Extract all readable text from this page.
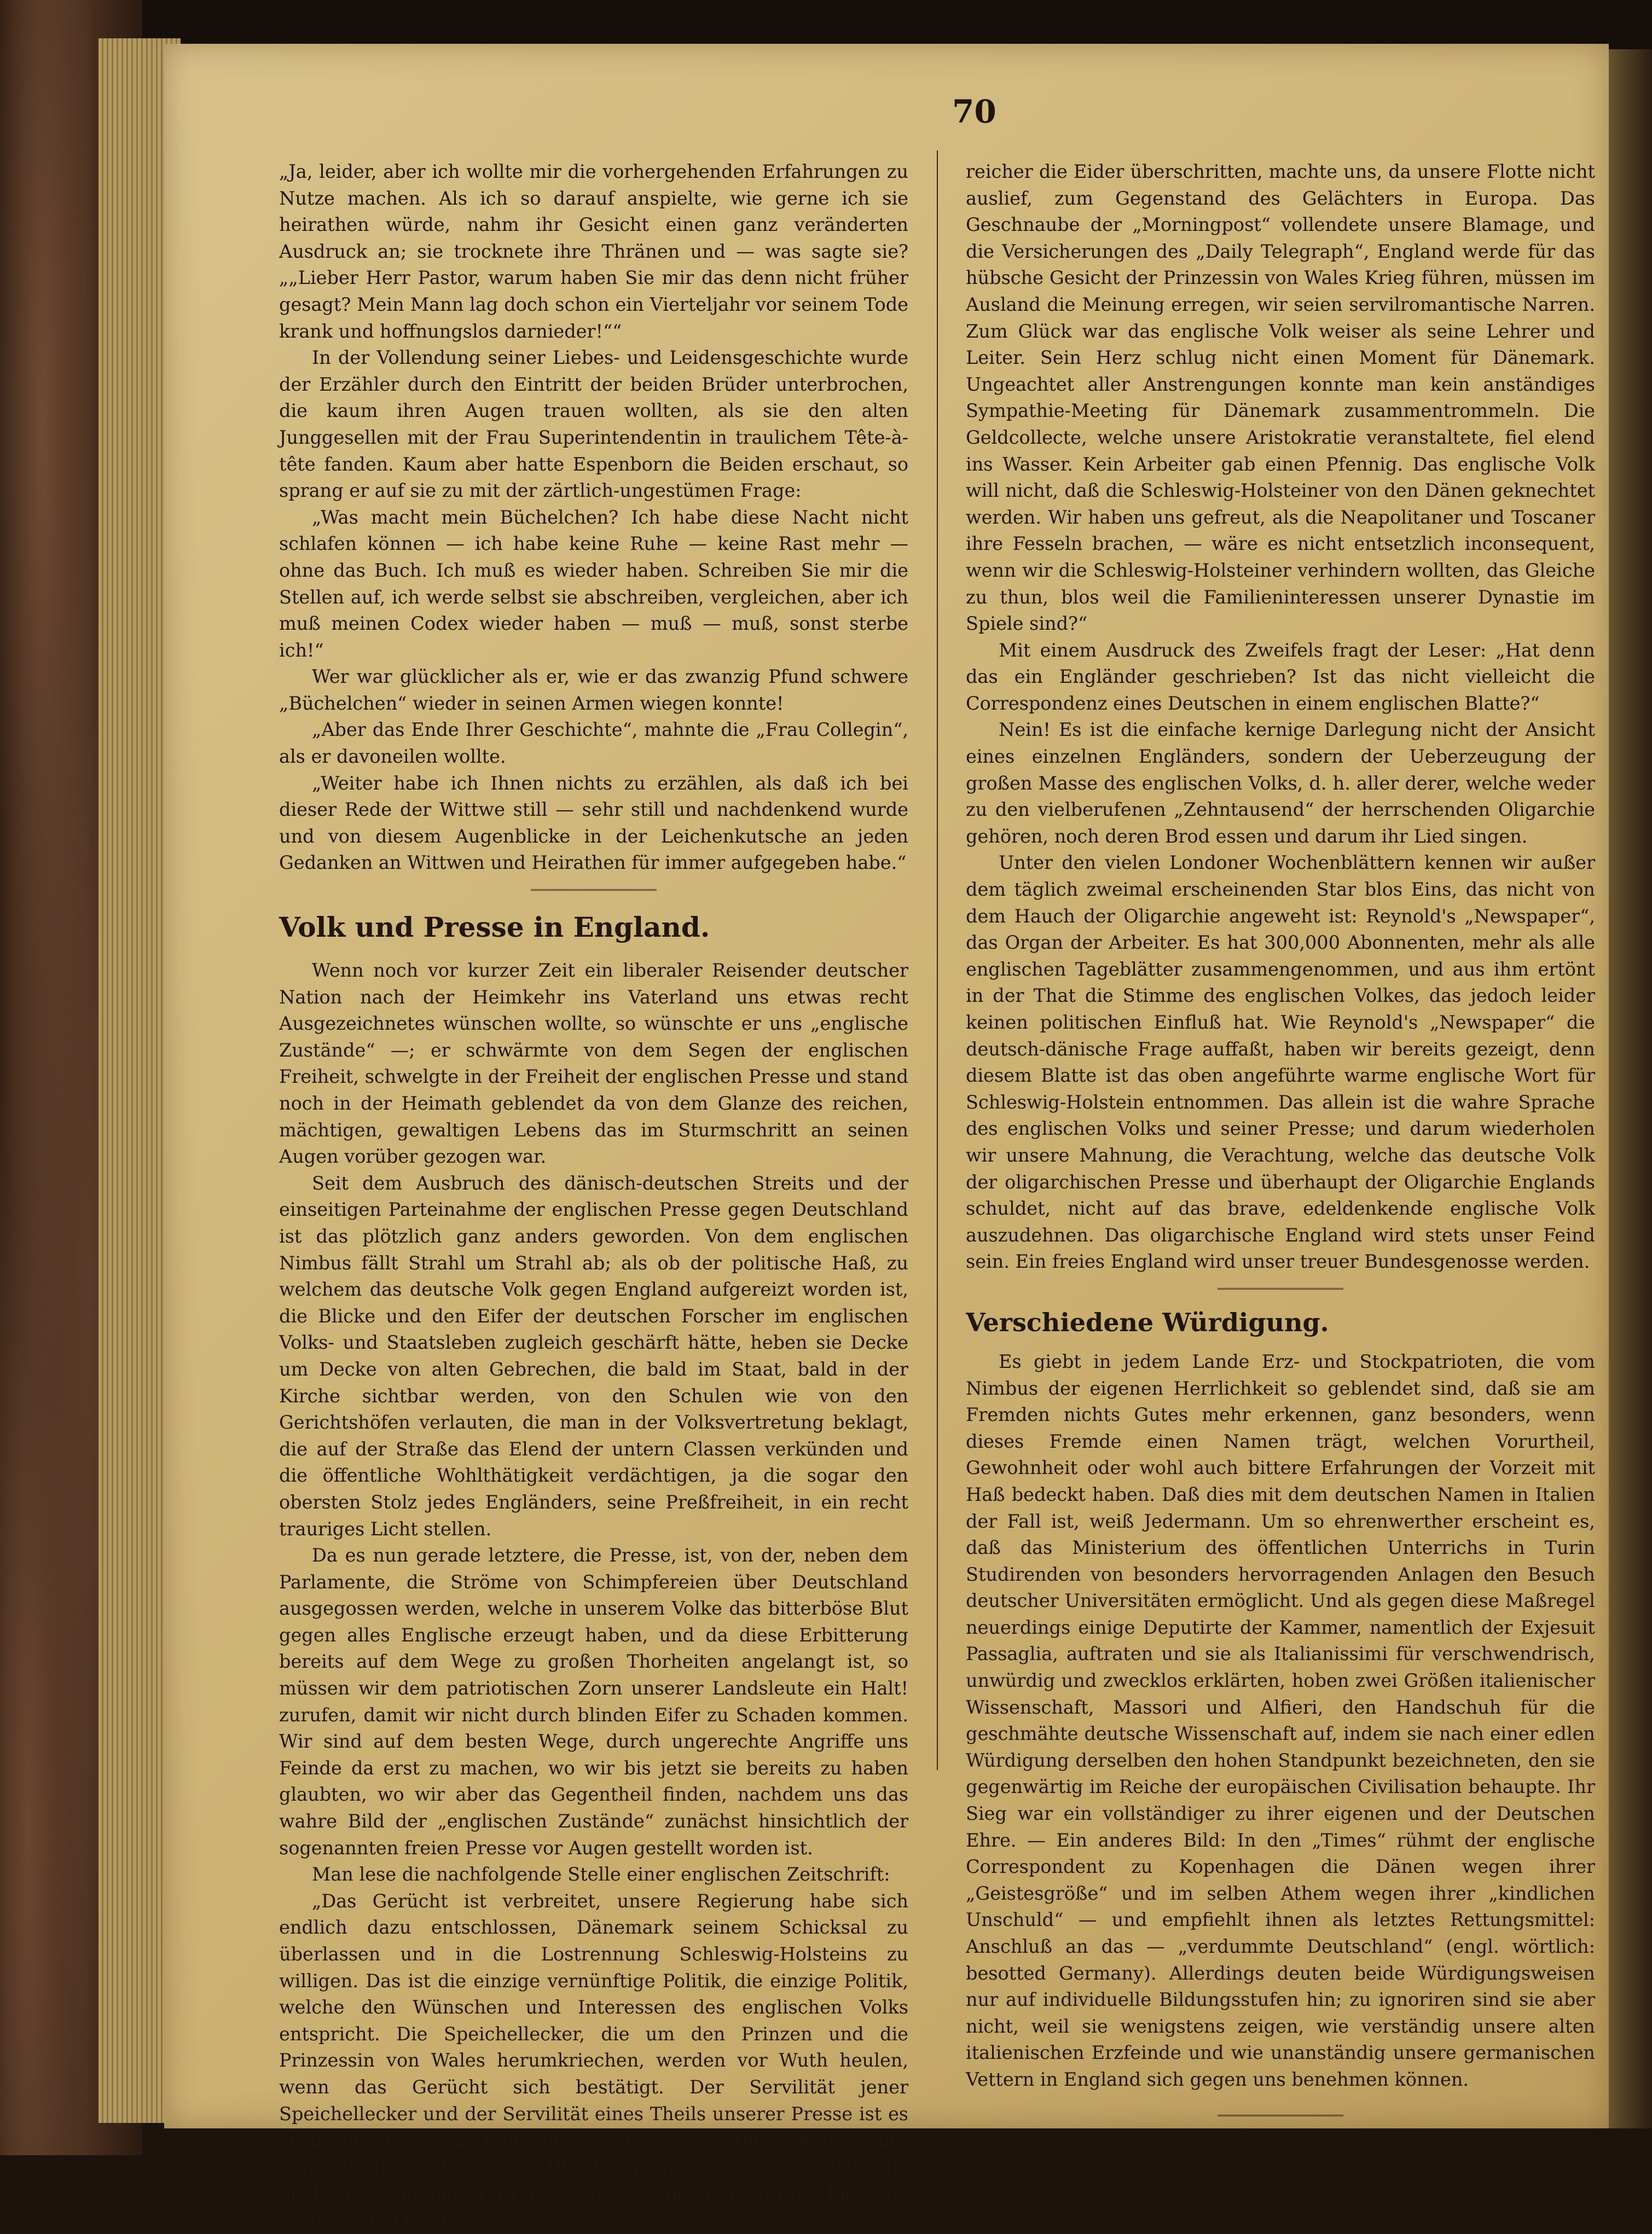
70

„Ja, leider, aber ich wollte mir die vorhergehenden Erfahrungen zu Nutze machen. Als ich so darauf anspielte, wie gerne ich sie heirathen würde, nahm ihr Gesicht einen ganz veränderten Ausdruck an; sie trocknete ihre Thränen und — was sagte sie? „„Lieber Herr Pastor, warum haben Sie mir das denn nicht früher gesagt? Mein Mann lag doch schon ein Vierteljahr vor seinem Tode krank und hoffnungslos darnieder!““

In der Vollendung seiner Liebes- und Leidensgeschichte wurde der Erzähler durch den Eintritt der beiden Brüder unterbrochen, die kaum ihren Augen trauen wollten, als sie den alten Junggesellen mit der Frau Superintendentin in traulichem Tête-à-tête fanden. Kaum aber hatte Espenborn die Beiden erschaut, so sprang er auf sie zu mit der zärtlich-ungestümen Frage:

„Was macht mein Büchelchen? Ich habe diese Nacht nicht schlafen können — ich habe keine Ruhe — keine Rast mehr — ohne das Buch. Ich muß es wieder haben. Schreiben Sie mir die Stellen auf, ich werde selbst sie abschreiben, vergleichen, aber ich muß meinen Codex wieder haben — muß — muß, sonst sterbe ich!“

Wer war glücklicher als er, wie er das zwanzig Pfund schwere „Büchelchen“ wieder in seinen Armen wiegen konnte!

„Aber das Ende Ihrer Geschichte“, mahnte die „Frau Collegin“, als er davoneilen wollte.

„Weiter habe ich Ihnen nichts zu erzählen, als daß ich bei dieser Rede der Wittwe still — sehr still und nachdenkend wurde und von diesem Augenblicke in der Leichenkutsche an jeden Gedanken an Wittwen und Heirathen für immer aufgegeben habe.“

Volk und Presse in England.

Wenn noch vor kurzer Zeit ein liberaler Reisender deutscher Nation nach der Heimkehr ins Vaterland uns etwas recht Ausgezeichnetes wünschen wollte, so wünschte er uns „englische Zustände“ —; er schwärmte von dem Segen der englischen Freiheit, schwelgte in der Freiheit der englischen Presse und stand noch in der Heimath geblendet da von dem Glanze des reichen, mächtigen, gewaltigen Lebens das im Sturmschritt an seinen Augen vorüber gezogen war.

Seit dem Ausbruch des dänisch-deutschen Streits und der einseitigen Parteinahme der englischen Presse gegen Deutschland ist das plötzlich ganz anders geworden. Von dem englischen Nimbus fällt Strahl um Strahl ab; als ob der politische Haß, zu welchem das deutsche Volk gegen England aufgereizt worden ist, die Blicke und den Eifer der deutschen Forscher im englischen Volks- und Staatsleben zugleich geschärft hätte, heben sie Decke um Decke von alten Gebrechen, die bald im Staat, bald in der Kirche sichtbar werden, von den Schulen wie von den Gerichtshöfen verlauten, die man in der Volksvertretung beklagt, die auf der Straße das Elend der untern Classen verkünden und die öffentliche Wohlthätigkeit verdächtigen, ja die sogar den obersten Stolz jedes Engländers, seine Preßfreiheit, in ein recht trauriges Licht stellen.

Da es nun gerade letztere, die Presse, ist, von der, neben dem Parlamente, die Ströme von Schimpfereien über Deutschland ausgegossen werden, welche in unserem Volke das bitterböse Blut gegen alles Englische erzeugt haben, und da diese Erbitterung bereits auf dem Wege zu großen Thorheiten angelangt ist, so müssen wir dem patriotischen Zorn unserer Landsleute ein Halt! zurufen, damit wir nicht durch blinden Eifer zu Schaden kommen. Wir sind auf dem besten Wege, durch ungerechte Angriffe uns Feinde da erst zu machen, wo wir bis jetzt sie bereits zu haben glaubten, wo wir aber das Gegentheil finden, nachdem uns das wahre Bild der „englischen Zustände“ zunächst hinsichtlich der sogenannten freien Presse vor Augen gestellt worden ist.

Man lese die nachfolgende Stelle einer englischen Zeitschrift:

„Das Gerücht ist verbreitet, unsere Regierung habe sich endlich dazu entschlossen, Dänemark seinem Schicksal zu überlassen und in die Lostrennung Schleswig-Holsteins zu willigen. Das ist die einzige vernünftige Politik, die einzige Politik, welche den Wünschen und Interessen des englischen Volks entspricht. Die Speichellecker, die um den Prinzen und die Prinzessin von Wales herumkriechen, werden vor Wuth heulen, wenn das Gerücht sich bestätigt. Der Servilität jener Speichellecker und der Servilität eines Theils unserer Presse ist es zuzuschreiben, daß England sich in dieser Angelegenheit mit Schande bedeckt hat. — Die Drohung der „Times“, daß die englische Canalflotte in die Ostsee einlaufen würde, falls die Preußen und Oester-

reicher die Eider überschritten, machte uns, da unsere Flotte nicht auslief, zum Gegenstand des Gelächters in Europa. Das Geschnaube der „Morningpost“ vollendete unsere Blamage, und die Versicherungen des „Daily Telegraph“, England werde für das hübsche Gesicht der Prinzessin von Wales Krieg führen, müssen im Ausland die Meinung erregen, wir seien servilromantische Narren. Zum Glück war das englische Volk weiser als seine Lehrer und Leiter. Sein Herz schlug nicht einen Moment für Dänemark. Ungeachtet aller Anstrengungen konnte man kein anständiges Sympathie-Meeting für Dänemark zusammentrommeln. Die Geldcollecte, welche unsere Aristokratie veranstaltete, fiel elend ins Wasser. Kein Arbeiter gab einen Pfennig. Das englische Volk will nicht, daß die Schleswig-Holsteiner von den Dänen geknechtet werden. Wir haben uns gefreut, als die Neapolitaner und Toscaner ihre Fesseln brachen, — wäre es nicht entsetzlich inconsequent, wenn wir die Schleswig-Holsteiner verhindern wollten, das Gleiche zu thun, blos weil die Familieninteressen unserer Dynastie im Spiele sind?“

Mit einem Ausdruck des Zweifels fragt der Leser: „Hat denn das ein Engländer geschrieben? Ist das nicht vielleicht die Correspondenz eines Deutschen in einem englischen Blatte?“

Nein! Es ist die einfache kernige Darlegung nicht der Ansicht eines einzelnen Engländers, sondern der Ueberzeugung der großen Masse des englischen Volks, d. h. aller derer, welche weder zu den vielberufenen „Zehntausend“ der herrschenden Oligarchie gehören, noch deren Brod essen und darum ihr Lied singen.

Unter den vielen Londoner Wochenblättern kennen wir außer dem täglich zweimal erscheinenden Star blos Eins, das nicht von dem Hauch der Oligarchie angeweht ist: Reynold's „Newspaper“, das Organ der Arbeiter. Es hat 300,000 Abonnenten, mehr als alle englischen Tageblätter zusammengenommen, und aus ihm ertönt in der That die Stimme des englischen Volkes, das jedoch leider keinen politischen Einfluß hat. Wie Reynold's „Newspaper“ die deutsch-dänische Frage auffaßt, haben wir bereits gezeigt, denn diesem Blatte ist das oben angeführte warme englische Wort für Schleswig-Holstein entnommen. Das allein ist die wahre Sprache des englischen Volks und seiner Presse; und darum wiederholen wir unsere Mahnung, die Verachtung, welche das deutsche Volk der oligarchischen Presse und überhaupt der Oligarchie Englands schuldet, nicht auf das brave, edeldenkende englische Volk auszudehnen. Das oligarchische England wird stets unser Feind sein. Ein freies England wird unser treuer Bundesgenosse werden.

Verschiedene Würdigung.

Es giebt in jedem Lande Erz- und Stockpatrioten, die vom Nimbus der eigenen Herrlichkeit so geblendet sind, daß sie am Fremden nichts Gutes mehr erkennen, ganz besonders, wenn dieses Fremde einen Namen trägt, welchen Vorurtheil, Gewohnheit oder wohl auch bittere Erfahrungen der Vorzeit mit Haß bedeckt haben. Daß dies mit dem deutschen Namen in Italien der Fall ist, weiß Jedermann. Um so ehrenwerther erscheint es, daß das Ministerium des öffentlichen Unterrichs in Turin Studirenden von besonders hervorragenden Anlagen den Besuch deutscher Universitäten ermöglicht. Und als gegen diese Maßregel neuerdings einige Deputirte der Kammer, namentlich der Exjesuit Passaglia, auftraten und sie als Italianissimi für verschwendrisch, unwürdig und zwecklos erklärten, hoben zwei Größen italienischer Wissenschaft, Massori und Alfieri, den Handschuh für die geschmähte deutsche Wissenschaft auf, indem sie nach einer edlen Würdigung derselben den hohen Standpunkt bezeichneten, den sie gegenwärtig im Reiche der europäischen Civilisation behaupte. Ihr Sieg war ein vollständiger zu ihrer eigenen und der Deutschen Ehre. — Ein anderes Bild: In den „Times“ rühmt der englische Correspondent zu Kopenhagen die Dänen wegen ihrer „Geistesgröße“ und im selben Athem wegen ihrer „kindlichen Unschuld“ — und empfiehlt ihnen als letztes Rettungsmittel: Anschluß an das — „verdummte Deutschland“ (engl. wörtlich: besotted Germany). Allerdings deuten beide Würdigungsweisen nur auf individuelle Bildungsstufen hin; zu ignoriren sind sie aber nicht, weil sie wenigstens zeigen, wie verständig unsere alten italienischen Erzfeinde und wie unanständig unsere germanischen Vettern in England sich gegen uns benehmen können.
